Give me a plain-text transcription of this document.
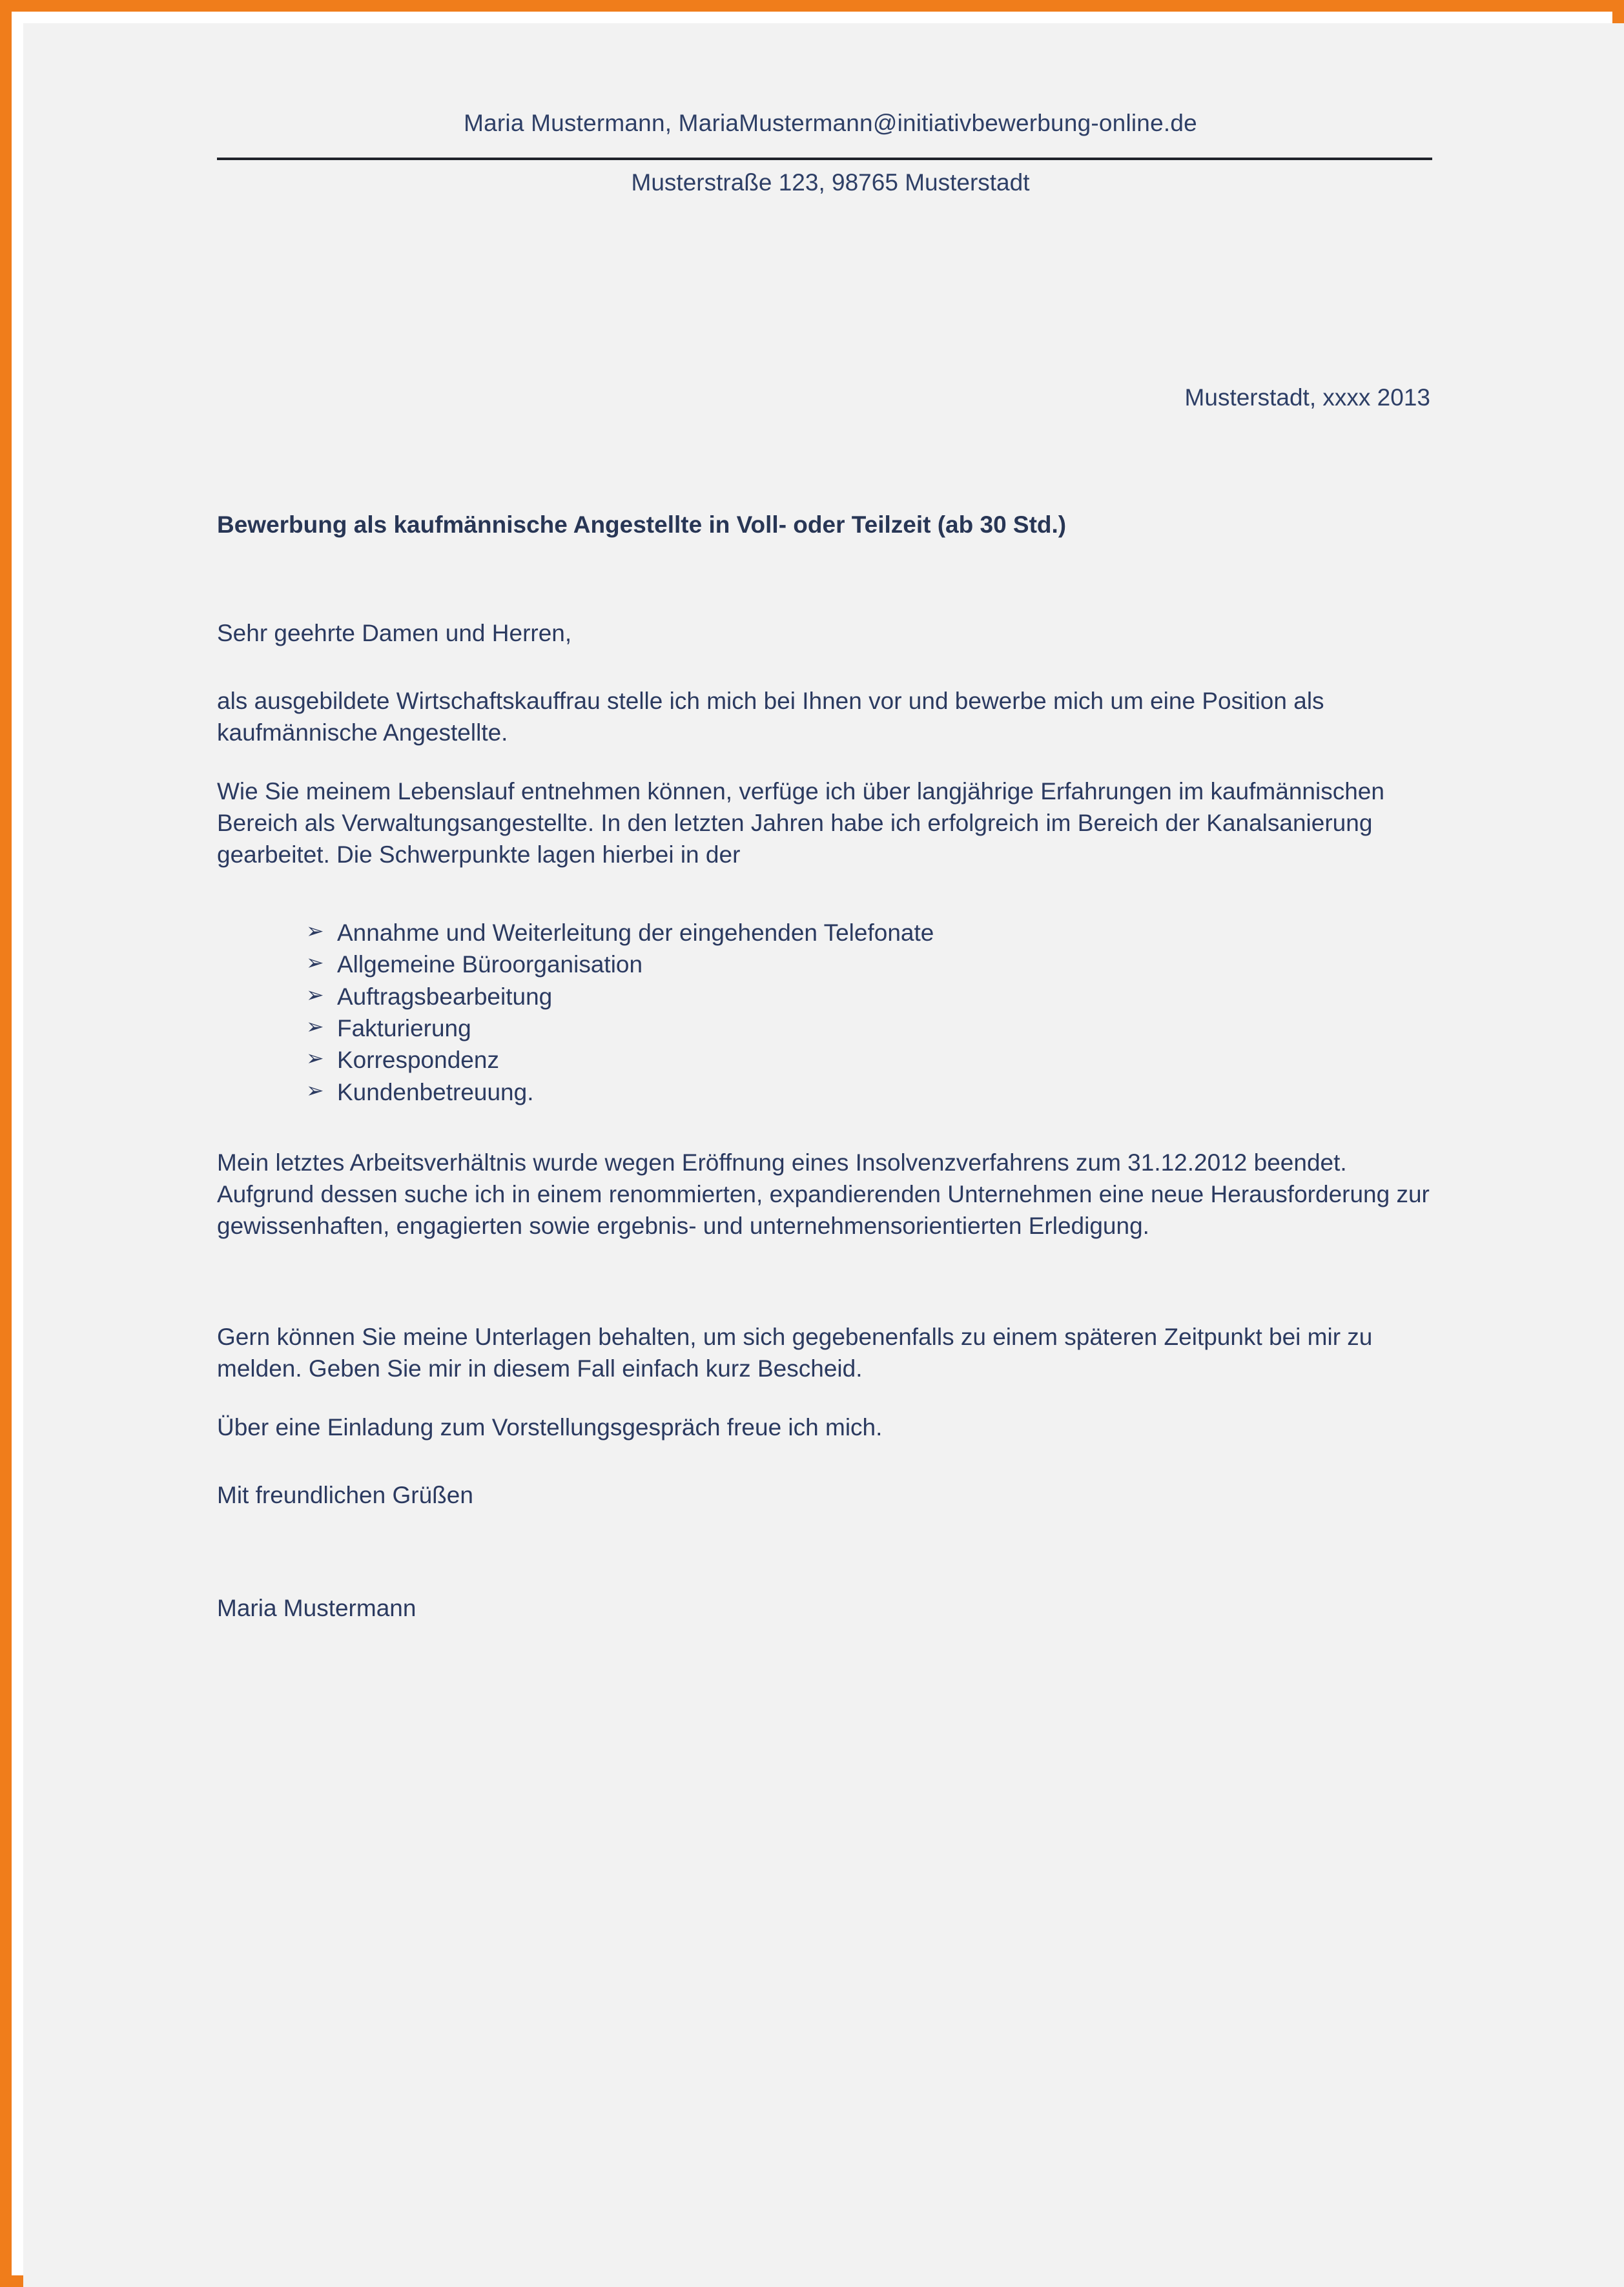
Maria Mustermann, MariaMustermann@initiativbewerbung-online.de
Musterstraße 123, 98765 Musterstadt
Musterstadt, xxxx 2013
Bewerbung als kaufmännische Angestellte in Voll- oder Teilzeit (ab 30 Std.)
Sehr geehrte Damen und Herren,
als ausgebildete Wirtschaftskauffrau stelle ich mich bei Ihnen vor und bewerbe mich um eine Position als kaufmännische Angestellte.
Wie Sie meinem Lebenslauf entnehmen können, verfüge ich über langjährige Erfahrungen im kaufmännischen Bereich als Verwaltungsangestellte. In den letzten Jahren habe ich erfolgreich im Bereich der Kanalsanierung gearbeitet. Die Schwerpunkte lagen hierbei in der
➢ Annahme und Weiterleitung der eingehenden Telefonate
➢ Allgemeine Büroorganisation
➢ Auftragsbearbeitung
➢ Fakturierung
➢ Korrespondenz
➢ Kundenbetreuung.
Mein letztes Arbeitsverhältnis wurde wegen Eröffnung eines Insolvenzverfahrens zum 31.12.2012 beendet. Aufgrund dessen suche ich in einem renommierten, expandierenden Unternehmen eine neue Herausforderung zur gewissenhaften, engagierten sowie ergebnis- und unternehmensorientierten Erledigung.
Gern können Sie meine Unterlagen behalten, um sich gegebenenfalls zu einem späteren Zeitpunkt bei mir zu melden. Geben Sie mir in diesem Fall einfach kurz Bescheid.
Über eine Einladung zum Vorstellungsgespräch freue ich mich.
Mit freundlichen Grüßen
Maria Mustermann
